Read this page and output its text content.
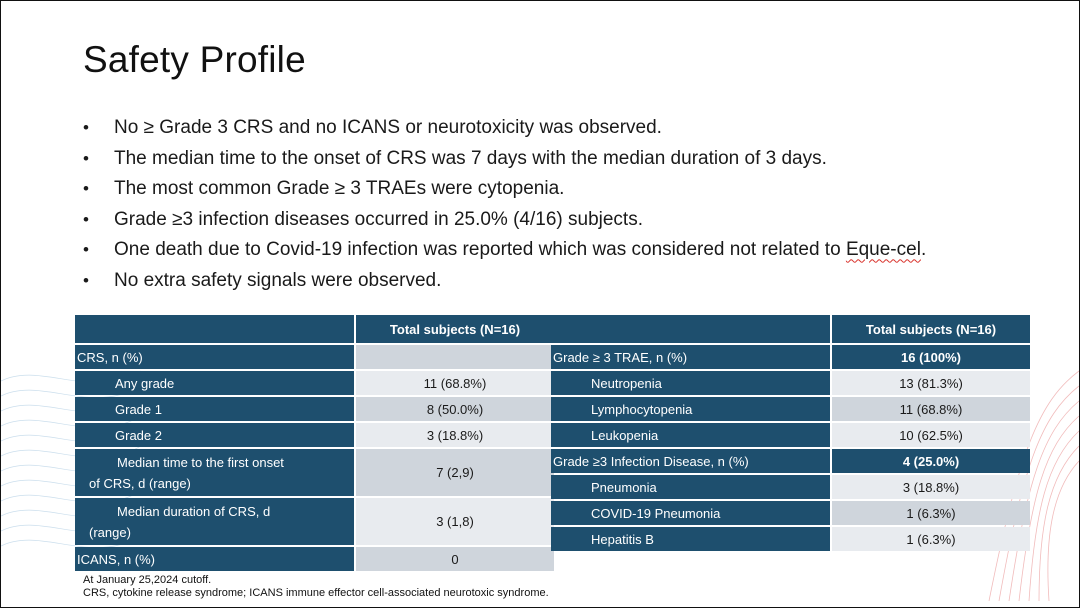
Safety Profile
• No ≥ Grade 3 CRS and no ICANS or neurotoxicity was observed.
• The median time to the onset of CRS was 7 days with the median duration of 3 days.
• The most common Grade ≥ 3 TRAEs were cytopenia.
• Grade ≥3 infection diseases occurred in 25.0% (4/16) subjects.
• One death due to Covid-19 infection was reported which was considered not related to Eque-cel.
• No extra safety signals were observed.
	Total subjects (N=16)
CRS, n (%)	
Any grade	11 (68.8%)
Grade 1	8 (50.0%)
Grade 2	3 (18.8%)

Median time to the first onset
of CRS, d (range)	7 (2,9)

Median duration of CRS, d
(range)	3 (1,8)
ICANS, n (%)	0
	Total subjects (N=16)
Grade ≥ 3 TRAE, n (%)	16 (100%)
Neutropenia	13 (81.3%)
Lymphocytopenia	11 (68.8%)
Leukopenia	10 (62.5%)
Grade ≥3 Infection Disease, n (%)	4 (25.0%)
Pneumonia	3 (18.8%)
COVID-19 Pneumonia	1 (6.3%)
Hepatitis B	1 (6.3%)
At January 25,2024 cutoff.
CRS, cytokine release syndrome; ICANS immune effector cell-associated neurotoxic syndrome.
